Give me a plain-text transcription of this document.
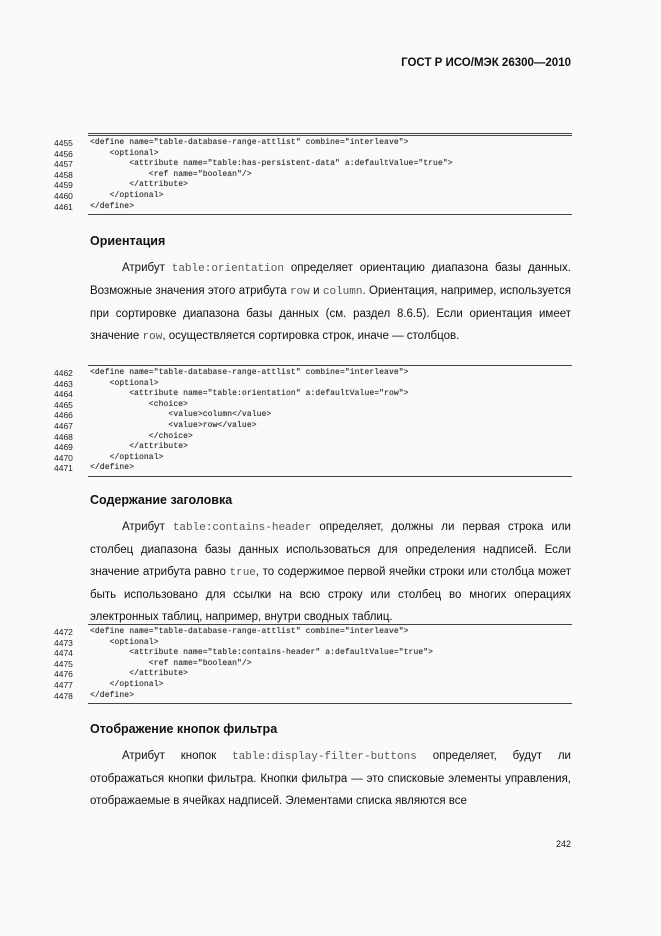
ГОСТ Р ИСО/МЭК 26300—2010
4455	<define name="table-database-range-attlist" combine="interleave">
4456	<optional>
4457	<attribute name="table:has-persistent-data" a:defaultValue="true">
4458	<ref name="boolean"/>
4459	</attribute>
4460	</optional>
4461	</define>
Ориентация

Атрибут table:orientation определяет ориентацию диапазона базы данных. Возможные значения этого атрибута row и column. Ориентация, например, используется при сортировке диапазона базы данных (см. раздел 8.6.5). Если ориентация имеет значение row, осуществляется сортировка строк, иначе — столбцов.

4462	<define name="table-database-range-attlist" combine="interleave">
4463	<optional>
4464	<attribute name="table:orientation" a:defaultValue="row">
4465	<choice>
4466	<value>column</value>
4467	<value>row</value>
4468	</choice>
4469	</attribute>
4470	</optional>
4471	</define>
Содержание заголовка

Атрибут table:contains-header определяет, должны ли первая строка или столбец диапазона базы данных использоваться для определения надписей. Если значение атрибута равно true, то содержимое первой ячейки строки или столбца может быть использовано для ссылки на всю строку или столбец во многих операциях электронных таблиц, например, внутри сводных таблиц.

4472	<define name="table-database-range-attlist" combine="interleave">
4473	<optional>
4474	<attribute name="table:contains-header" a:defaultValue="true">
4475	<ref name="boolean"/>
4476	</attribute>
4477	</optional>
4478	</define>
Отображение кнопок фильтра

Атрибут кнопок table:display-filter-buttons определяет, будут ли отображаться кнопки фильтра. Кнопки фильтра — это списковые элементы управления, отображаемые в ячейках надписей. Элементами списка являются все

242
